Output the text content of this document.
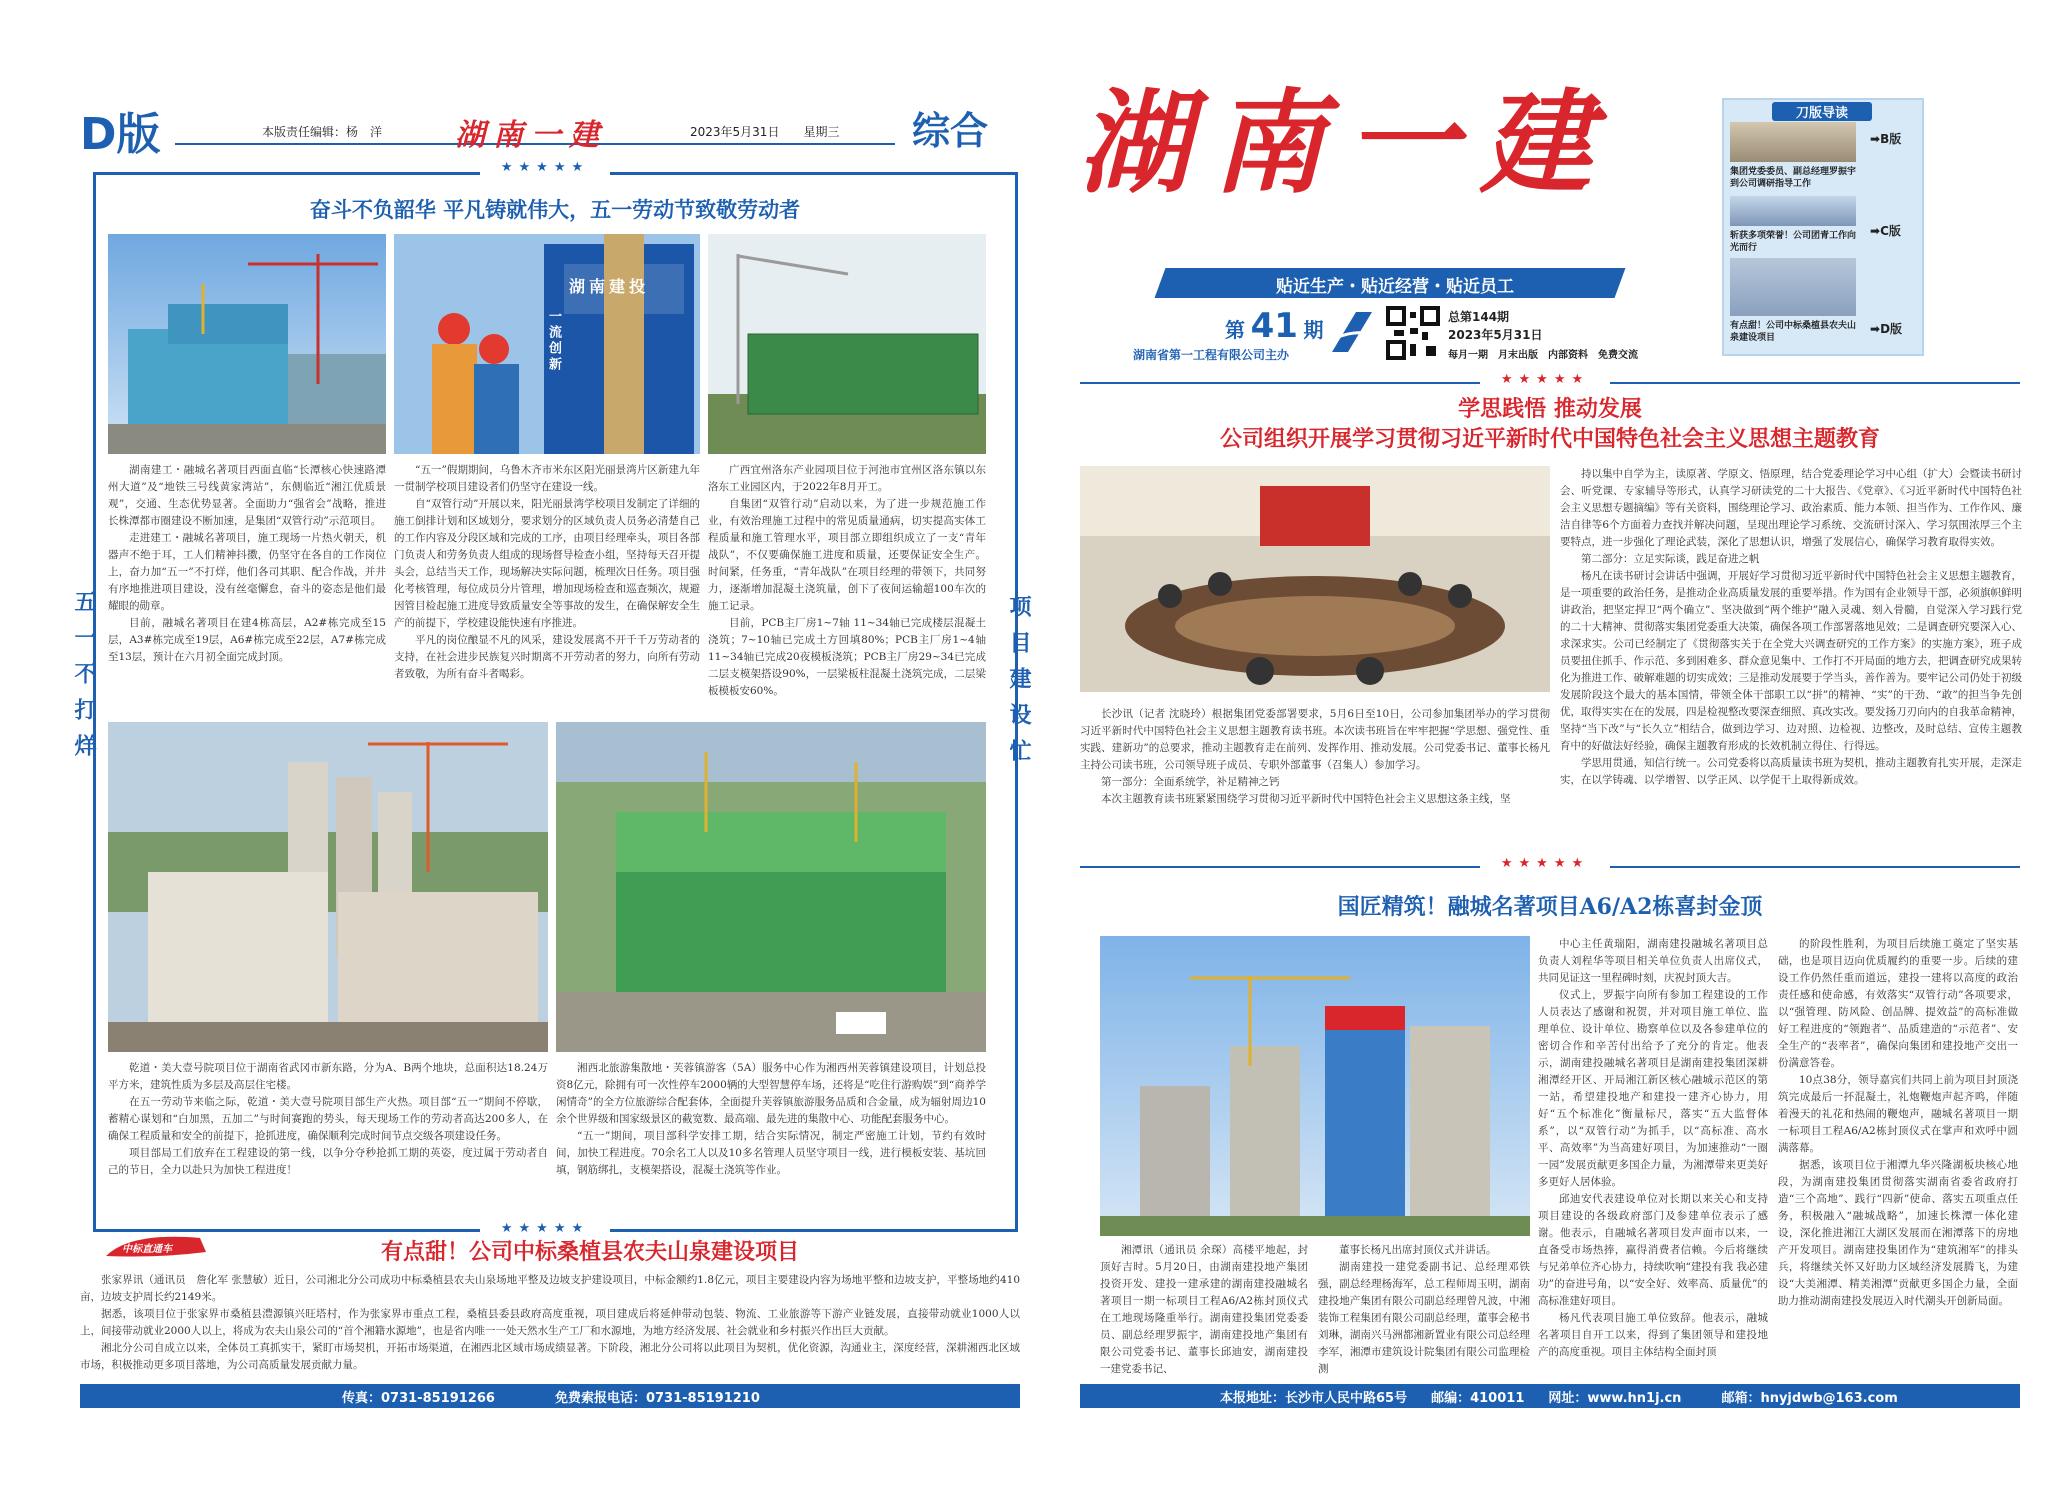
D版	本版责任编辑：杨　洋 湖南一建	2023年5月31日　　星期三 综合
★★★★★
★★★★★
奋斗不负韶华 平凡铸就伟大，五一劳动节致敬劳动者
五一不打烊	项目建设忙
湖南建投
一流创新

湖南建工・融城名著项目西面直临“长潭核心快速路潭州大道”及“地铁三号线黄家湾站”，东侧临近“湘江优质景观”，交通、生态优势显著。全面助力“强省会”战略，推进长株潭都市圈建设不断加速，是集团“双管行动”示范项目。

走进建工・融城名著项目，施工现场一片热火朝天，机器声不绝于耳，工人们精神抖擞，仍坚守在各自的工作岗位上，奋力加“五一”不打烊，他们各司其职、配合作战，并井有序地推进项目建设，没有丝毫懈怠，奋斗的姿态是他们最耀眼的勋章。

目前，融城名著项目在建4栋高层，A2#栋完成至15层，A3#栋完成至19层，A6#栋完成至22层，A7#栋完成至13层，预计在六月初全面完成封顶。

“五一”假期期间，乌鲁木齐市米东区阳光丽景湾片区新建九年一贯制学校项目建设者们仍坚守在建设一线。

自“双管行动”开展以来，阳光丽景湾学校项目发制定了详细的施工倒排计划和区域划分，要求划分的区域负责人员务必清楚自己的工作内容及分段区域和完成的工序，由项目经理牵头，项目各部门负责人和劳务负责人组成的现场督导检查小组，坚持每天召开提头会，总结当天工作，现场解决实际问题，梳理次日任务。项目强化考核管理，每位成员分片管理，增加现场检查和巡查频次，规避因管目检起施工进度导致质量安全等事故的发生，在确保解安全生产的前提下，学校建设能快速有序推进。

平凡的岗位酿显不凡的风采，建设发展离不开千千万劳动者的支持，在社会进步民族复兴时期离不开劳动者的努力，向所有劳动者致敬，为所有奋斗者喝彩。

广西宜州洛东产业园项目位于河池市宜州区洛东镇以东洛东工业园区内，于2022年8月开工。

自集团“双管行动”启动以来，为了进一步规范施工作业，有效治理施工过程中的常见质量通病，切实提高实体工程质量和施工管理水平，项目部立即组织成立了一支“青年战队”，不仅要确保施工进度和质量，还要保证安全生产。时间紧，任务重，“青年战队”在项目经理的带领下，共同努力，逐渐增加混凝土浇筑量，创下了夜间运输超100车次的施工记录。

目前，PCB主厂房1~7轴 11~34轴已完成楼层混凝土浇筑；7~10轴已完成土方回填80%；PCB主厂房1~4轴11~34轴已完成20夜模板浇筑；PCB主厂房29~34已完成二层支模架搭设90%，一层梁板柱混凝土浇筑完成，二层梁板模板安60%。

乾道・美大壹号院项目位于湖南省武冈市新东路，分为A、B两个地块，总面积达18.24万平方米，建筑性质为多层及高层住宅楼。

在五一劳动节来临之际，乾道・美大壹号院项目部生产火热。项目部“五一”期间不停歇，蓄精心谋划和“白加黑，五加二”与时间赛跑的势头，每天现场工作的劳动者高达200多人，在确保工程质量和安全的前提下，抢抓进度，确保顺利完成时间节点交级各项建设任务。

项目部局工们放弃在工程建设的第一线，以争分夺秒抢抓工期的英姿，度过属于劳动者自己的节日，全力以赴只为加快工程进度！

湘西北旅游集散地・芙蓉镇游客（5A）服务中心作为湘西州芙蓉镇建设项目，计划总投资8亿元，除拥有可一次性停车2000辆的大型智慧停车场，还将是“吃住行游购娱”到“商养学闲情奇”的全方位旅游综合配套体，全面提升芙蓉镇旅游服务品质和合金量，成为辐射周边10余个世界级和国家级景区的截宽数、最高端、最先进的集散中心、功能配套服务中心。

“五一”期间，项目部科学安排工期，结合实际情况，制定严密施工计划，节约有效时间，加快工程进度。70余名工人以及10多名管理人员坚守项目一线，进行模板安装、基坑回填，钢筋绑扎，支模架搭设，混凝土浇筑等作业。

中标直通车	有点甜！公司中标桑植县农夫山泉建设项目

张家界讯（通讯员　詹化军 张慧敏）近日，公司湘北分公司成功中标桑植县农夫山泉场地平整及边坡支护建设项目，中标金额约1.8亿元，项目主要建设内容为场地平整和边坡支护，平整场地约410亩，边坡支护周长约2149米。

据悉，该项目位于张家界市桑植县澧源镇兴旺塔村，作为张家界市重点工程，桑植县委县政府高度重视，项目建成后将延伸带动包装、物流、工业旅游等下游产业链发展，直接带动就业1000人以上，间接带动就业2000人以上，将成为农夫山泉公司的“首个湘籍水源地”，也是省内唯一一处天然水生产工厂和水源地，为地方经济发展、社会就业和乡村振兴作出巨大贡献。

湘北分公司自成立以来，全体员工真抓实干，紧盯市场契机，开拓市场渠道，在湘西北区域市场成绩显著。下阶段，湘北分公司将以此项目为契机，优化资源，沟通业主，深度经营，深耕湘西北区域市场，积极推动更多项目落地，为公司高质量发展贡献力量。

传真：0731-85191266	免费索报电话：0731-85191210
湖南一建
贴近生产・贴近经营・贴近员工
第 41 期
湖南省第一工程有限公司主办
总第144期
2023年5月31日
每月一期　月末出版　内部资料　免费交流
刀版导读
集团党委委员、副总经理罗振宇到公司调研指导工作
➡B版
斩获多项荣誉！公司团青工作向光而行
➡C版
有点甜！公司中标桑植县农夫山泉建设项目
➡D版
★★★★★
学思践悟 推动发展
公司组织开展学习贯彻习近平新时代中国特色社会主义思想主题教育

长沙讯（记者 沈晓玲）根据集团党委部署要求，5月6日至10日，公司参加集团举办的学习贯彻习近平新时代中国特色社会主义思想主题教育读书班。本次读书班旨在牢牢把握“学思想、强党性、重实践、建新功”的总要求，推动主题教育走在前列、发挥作用、推动发展。公司党委书记、董事长杨凡主持公司读书班，公司领导班子成员、专职外部董事（召集人）参加学习。

第一部分：全面系统学，补足精神之钙

本次主题教育读书班紧紧围绕学习贯彻习近平新时代中国特色社会主义思想这条主线，坚

持以集中自学为主，读原著、学原文、悟原理，结合党委理论学习中心组（扩大）会暨读书研讨会、听党课、专家辅导等形式，认真学习研读党的二十大报告、《党章》、《习近平新时代中国特色社会主义思想专题摘编》等有关资料，围绕理论学习、政治素质、能力本领、担当作为、工作作风、廉洁自律等6个方面着力查找并解决问题，呈现出理论学习系统、交流研讨深入、学习氛围浓厚三个主要特点，进一步强化了理论武装，深化了思想认识，增强了发展信心，确保学习教育取得实效。

第二部分：立足实际谈，践足奋进之帆

杨凡在读书研讨会讲话中强调，开展好学习贯彻习近平新时代中国特色社会主义思想主题教育，是一项重要的政治任务，是推动企业高质量发展的重要举措。作为国有企业领导干部，必须旗帜鲜明讲政治，把坚定捍卫“两个确立”、坚决做到“两个维护”融入灵魂、刻入骨髓，自觉深入学习践行党的二十大精神、贯彻落实集团党委重大决策，确保各项工作部署落地见效；二是调查研究要深入心、求深求实。公司已经制定了《贯彻落实关于在全党大兴调查研究的工作方案》的实施方案》，班子成员要扭住抓手、作示范、多到困难多、群众意见集中、工作打不开局面的地方去，把调查研究成果转化为推进工作、破解难题的切实成效；三是推动发展要于学当头，善作善为。要牢记公司仍处于初级发展阶段这个最大的基本国情，带领全体干部职工以“拼”的精神、“实”的干劲、“敢”的担当争先创优，取得实实在在的发展，四是检视整改要深查细照、真改实改。要发扬刀刃向内的自我革命精神，坚持“当下改”与“长久立”相结合，做到边学习、边对照、边检视、边整改，及时总结、宣传主题教育中的好做法好经验，确保主题教育形成的长效机制立得住、行得远。

学思用贯通，知信行统一。公司党委将以高质量读书班为契机，推动主题教育扎实开展，走深走实，在以学铸魂、以学增智、以学正风、以学促干上取得新成效。

★★★★★
国匠精筑！融城名著项目A6/A2栋喜封金顶

湘潭讯（通讯员 余琛）高楼平地起，封顶好吉时。5月20日，由湖南建投地产集团投资开发、建投一建承建的湖南建投融城名著项目一期一标项目工程A6/A2栋封顶仪式在工地现场隆重举行。湖南建投集团党委委员、副总经理罗振宇，湖南建投地产集团有限公司党委书记、董事长邱迪安，湖南建投一建党委书记、

董事长杨凡出席封顶仪式并讲话。

湖南建投一建党委副书记、总经理邓铁强，副总经理杨海军，总工程师周玉明，湖南建投地产集团有限公司副总经理曾凡波，中湘装饰工程集团有限公司副总经理，董事会秘书刘琳，湖南兴马洲都湘新置业有限公司总经理李军，湘潭市建筑设计院集团有限公司监理检测

中心主任黄瑞阳，湖南建投融城名著项目总负责人刘程华等项目相关单位负责人出席仪式，共同见证这一里程碑时刻，庆祝封顶大吉。

仪式上，罗振宇向所有参加工程建设的工作人员表达了感谢和祝贺，并对项目施工单位、监理单位、设计单位、勘察单位以及各参建单位的密切合作和辛苦付出给予了充分的肯定。他表示，湖南建投融城名著项目是湖南建投集团深耕湘潭经开区、开局湘江新区核心融城示范区的第一站，希望建投地产和建投一建齐心协力，用好“五个标准化”衡量标尺，落实“五大监督体系”，以“双管行动”为抓手，以“高标准、高水平、高效率”为当高建好项目，为加速推动“一圈一园”发展贡献更多国企力量，为湘潭带来更美好多更好人居体验。

邱迪安代表建设单位对长期以来关心和支持项目建设的各级政府部门及参建单位表示了感谢。他表示，自融城名著项目发声面市以来，一直备受市场热捧，赢得消费者信赖。今后将继续与兄弟单位齐心协力，持续吹响“建投有我 我必建功”的奋进号角，以“安全好、效率高、质量优”的高标准建好项目。

杨凡代表项目施工单位致辞。他表示，融城名著项目自开工以来，得到了集团领导和建投地产的高度重视。项目主体结构全面封顶

的阶段性胜利，为项目后续施工奠定了坚实基础，也是项目迈向优质履约的重要一步。后续的建设工作仍然任重而道远，建投一建将以高度的政治责任感和使命感，有效落实“双管行动”各项要求，以“强管理、防风险、创品牌、提效益”的高标准做好工程进度的“领跑者”、品质建造的“示范者”、安全生产的“表率者”，确保向集团和建投地产交出一份满意答卷。

10点38分，领导嘉宾们共同上前为项目封顶浇筑完成最后一抔混凝土，礼炮鞭炮声起齐鸣，伴随着漫天的礼花和热闹的鞭炮声，融城名著项目一期一标项目工程A6/A2栋封顶仪式在掌声和欢呼中圆满落幕。

据悉，该项目位于湘潭九华兴隆湖板块核心地段，为湖南建投集团贯彻落实湖南省委省政府打造“三个高地”、践行“四新”使命、落实五项重点任务，积极融入“融城战略”，加速长株潭一体化建设，深化推进湘江大湖区发展而在湘潭落下的房地产开发项目。湖南建投集团作为“建筑湘军”的排头兵，将继续关怀又好助力区域经济发展腾飞，为建设“大美湘潭、精美湘潭”贡献更多国企力量，全面助力推动湖南建投发展迈入时代潮头开创新局面。

本报地址：长沙市人民中路65号 邮编：410011 网址：www.hn1j.cn	邮箱：hnyjdwb@163.com
